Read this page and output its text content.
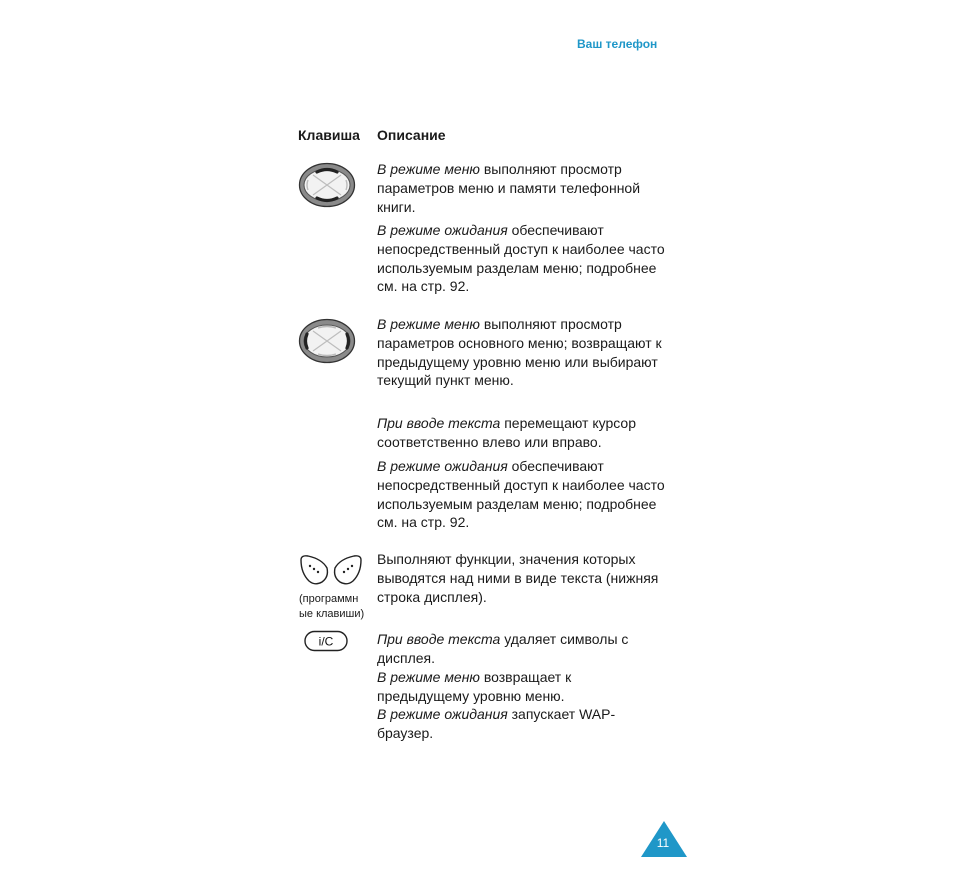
Ваш телефон
Клавиша Описание
(программн
ые клавиши)
i/C
В режиме меню выполняют просмотр параметров меню и памяти телефонной книги.
В режиме ожидания обеспечивают непосредственный доступ к наиболее часто используемым разделам меню; подробнее см. на стр. 92.
В режиме меню выполняют просмотр параметров основного меню; возвращают к предыдущему уровню меню или выбирают текущий пункт меню.
При вводе текста перемещают курсор соответственно влево или вправо.
В режиме ожидания обеспечивают непосредственный доступ к наиболее часто используемым разделам меню; подробнее см. на стр. 92.
Выполняют функции, значения которых выводятся над ними в виде текста (нижняя строка дисплея).
При вводе текста удаляет символы с дисплея.
В режиме меню возвращает к предыдущему уровню меню.
В режиме ожидания запускает WAP-браузер.
11
